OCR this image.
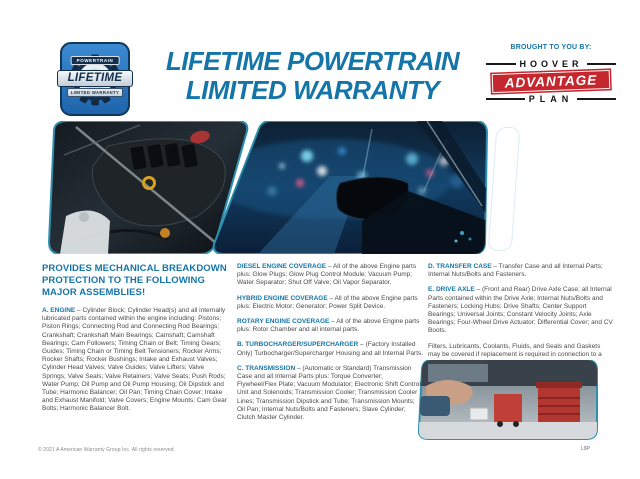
POWERTRAIN
LIFETIME
LIMITED WARRANTY
LIFETIME POWERTRAIN
LIMITED WARRANTY
BROUGHT TO YOU BY:
HOOVER
ADVANTAGE
PLAN

PROVIDES MECHANICAL BREAKDOWN PROTECTION TO THE FOLLOWING MAJOR ASSEMBLIES!

A. ENGINE – Cylinder Block; Cylinder Head(s) and all internally lubricated parts contained within the engine including: Pistons; Piston Rings; Connecting Rod and Connecting Rod Bearings; Crankshaft; Crankshaft Main Bearings; Camshaft; Camshaft Bearings; Cam Followers; Timing Chain or Belt; Timing Gears; Guides; Timing Chain or Timing Belt Tensioners; Rocker Arms; Rocker Shafts; Rocker Bushings; Intake and Exhaust Valves; Cylinder Head Valves; Valve Guides; Valve Lifters; Valve Springs; Valve Seals; Valve Retainers; Valve Seats; Push Rods; Water Pump; Oil Pump and Oil Pump Housing; Oil Dipstick and Tube; Harmonic Balancer; Oil Pan; Timing Chain Cover; Intake and Exhaust Manifold; Valve Covers; Engine Mounts; Cam Gear Bolts; Harmonic Balancer Bolt.

DIESEL ENGINE COVERAGE – All of the above Engine parts plus: Glow Plugs; Glow Plug Control Module; Vacuum Pump; Water Separator; Shut Off Valve; Oil Vapor Separator.

HYBRID ENGINE COVERAGE – All of the above Engine parts plus: Electric Motor; Generator; Power Split Device.

ROTARY ENGINE COVERAGE – All of the above Engine parts plus: Rotor Chamber and all internal parts.

B. TURBOCHARGER/SUPERCHARGER – (Factory Installed Only) Turbocharger/Supercharger Housing and all Internal Parts.

C. TRANSMISSION – (Automatic or Standard) Transmission Case and all Internal Parts plus: Torque Converter; Flywheel/Flex Plate; Vacuum Modulator; Electronic Shift Control Unit and Solenoids; Transmission Cooler; Transmission Cooler Lines; Transmission Dipstick and Tube; Transmission Mounts; Oil Pan; Internal Nuts/Bolts and Fasteners; Slave Cylinder; Clutch Master Cylinder.

D. TRANSFER CASE – Transfer Case and all Internal Parts; Internal Nuts/Bolts and Fasteners.

E. DRIVE AXLE – (Front and Rear) Drive Axle Case; all Internal Parts contained within the Drive Axle; Internal Nuts/Bolts and Fasteners; Locking Hubs; Drive Shafts; Center Support Bearings; Universal Joints; Constant Velocity Joints; Axle Bearings; Four-Wheel Drive Actuator; Differential Cover; and CV Boots.

Filters, Lubricants, Coolants, Fluids, and Seals and Gaskets may be covered if replacement is required in connection to a covered breakdown.

© 2021 A American Warranty Group Inc. All rights reserved	L9P
